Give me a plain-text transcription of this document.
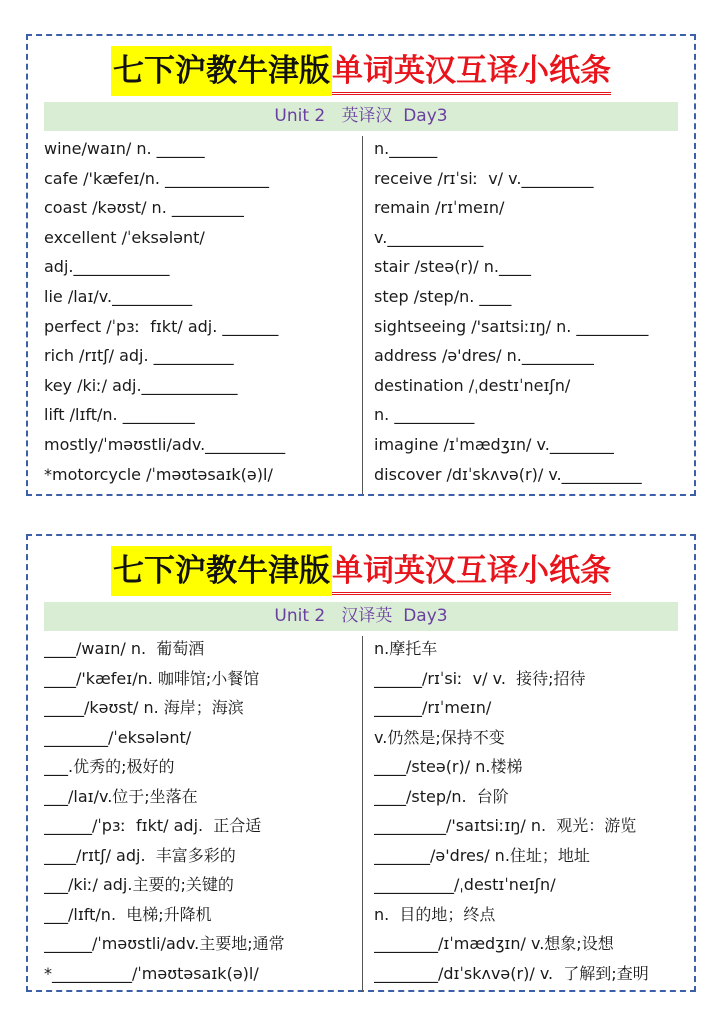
七下沪教牛津版单词英汉互译小纸条
Unit 2   英译汉  Day3
wine/waɪn/ n. ______
cafe /'kæfeɪ/n. _____________
coast /kəʊst/ n. _________
excellent /ˈeksələnt/
adj.____________
lie /laɪ/v.__________
perfect /ˈpɜː  fɪkt/ adj. _______
rich /rɪtʃ/ adj. __________
key /kiː/ adj.____________
lift /lɪft/n. _________
mostly/ˈməʊstli/adv.__________
*motorcycle /ˈməʊtəsaɪk(ə)l/
n.______
receive /rɪˈsiː  v/ v._________
remain /rɪˈmeɪn/
v.____________
stair /steə(r)/ n.____
step /step/n. ____
sightseeing /'saɪtsiːɪŋ/ n. _________
address /ə'dres/ n._________
destination /ˌdestɪˈneɪʃn/
n. __________
imagine /ɪˈmædʒɪn/ v.________
discover /dɪˈskʌvə(r)/ v.__________
七下沪教牛津版单词英汉互译小纸条
Unit 2   汉译英  Day3
____/waɪn/ n.  葡萄酒
____/'kæfeɪ/n. 咖啡馆;小餐馆
_____/kəʊst/ n. 海岸；海滨
________/ˈeksələnt/
___.优秀的;极好的
___/laɪ/v.位于;坐落在
______/ˈpɜː  fɪkt/ adj.  正合适
____/rɪtʃ/ adj.  丰富多彩的
___/kiː/ adj.主要的;关键的
___/lɪft/n.  电梯;升降机
______/ˈməʊstli/adv.主要地;通常
*__________/ˈməʊtəsaɪk(ə)l/
n.摩托车
______/rɪˈsiː  v/ v.  接待;招待
______/rɪˈmeɪn/
v.仍然是;保持不变
____/steə(r)/ n.楼梯
____/step/n.  台阶
_________/'saɪtsiːɪŋ/ n.  观光：游览
_______/ə'dres/ n.住址；地址
__________/ˌdestɪˈneɪʃn/
n.  目的地；终点
________/ɪˈmædʒɪn/ v.想象;设想
________/dɪˈskʌvə(r)/ v.  了解到;查明
